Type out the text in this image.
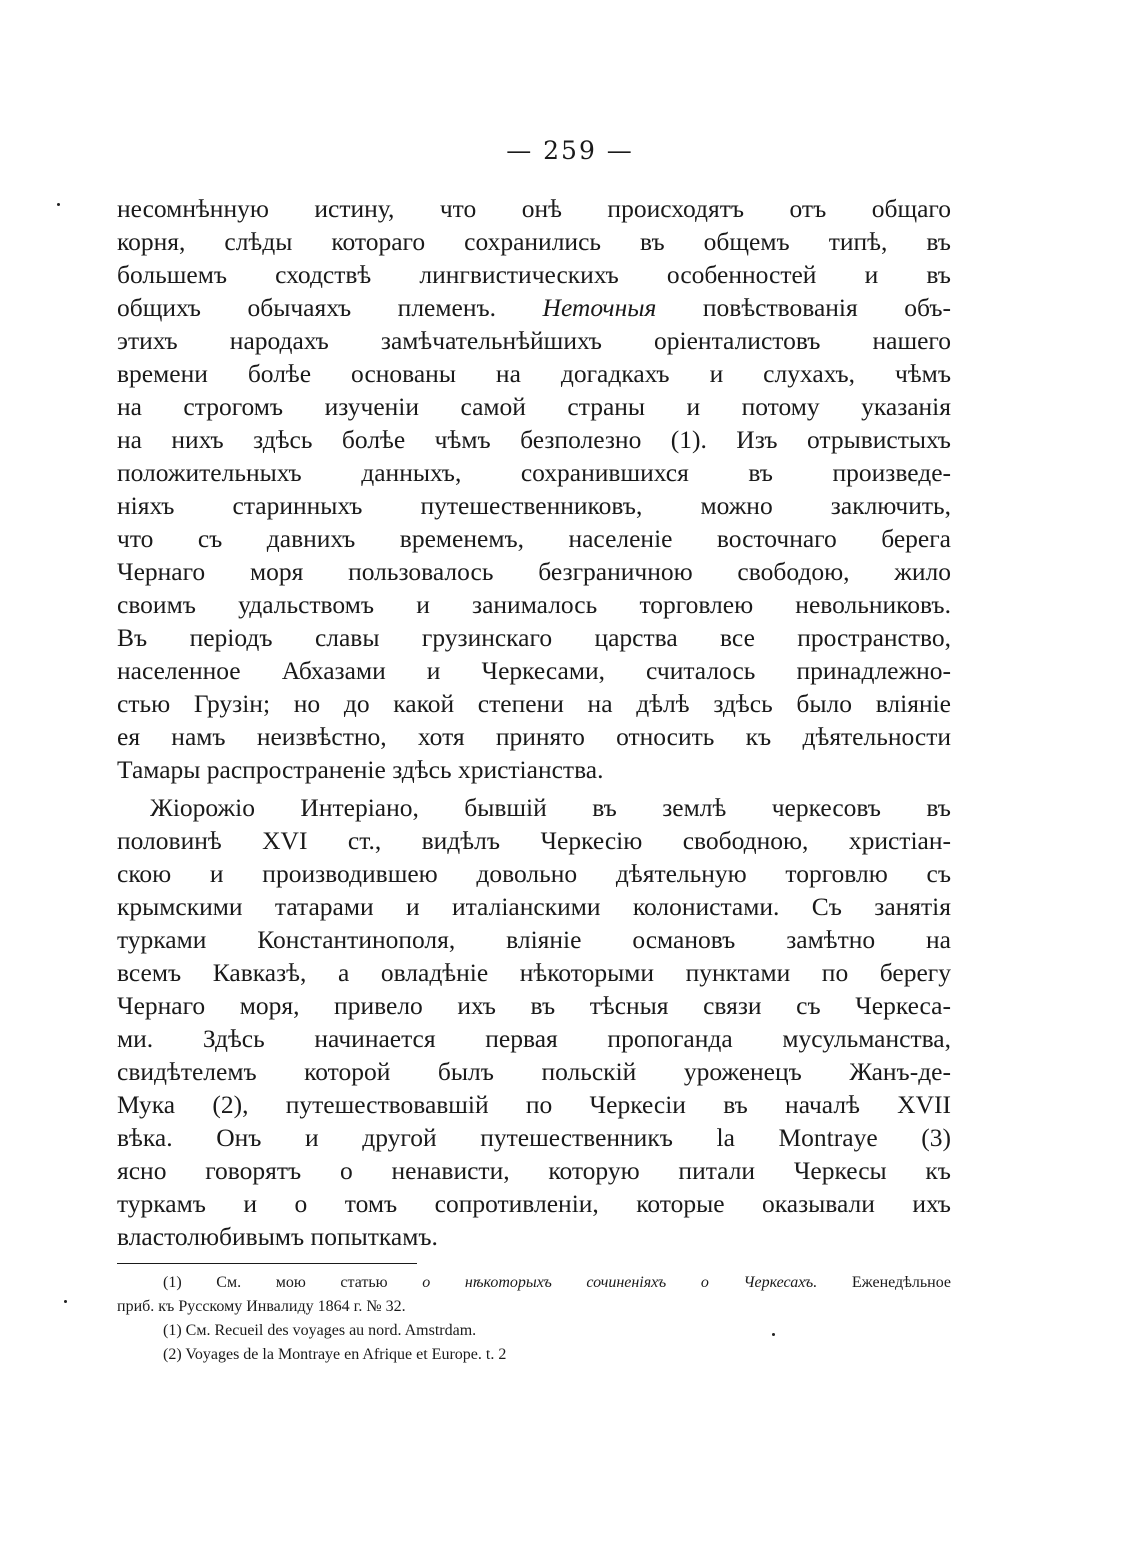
— 259 —
несомнѣнную истину, что онѣ происходятъ отъ общаго
корня, слѣды котораго сохранились въ общемъ типѣ, въ
большемъ сходствѣ лингвистическихъ особенностей и въ
общихъ обычаяхъ племенъ. Неточныя повѣствованія объ-
этихъ народахъ замѣчательнѣйшихъ оріенталистовъ нашего
времени болѣе основаны на догадкахъ и слухахъ, чѣмъ
на строгомъ изученіи самой страны и потому указанія
на нихъ здѣсь болѣе чѣмъ безполезно (1). Изъ отрывистыхъ
положительныхъ данныхъ, сохранившихся въ произведе-
ніяхъ старинныхъ путешественниковъ, можно заключить,
что съ давнихъ временемъ, населеніе восточнаго берега
Чернаго моря пользовалось безграничною свободою, жило
своимъ удальствомъ и занималось торговлею невольниковъ.
Въ періодъ славы грузинскаго царства все пространство,
населенное Абхазами и Черкесами, считалось принадлежно-
стью Грузін; но до какой степени на дѣлѣ здѣсь было вліяніе
ея намъ неизвѣстно, хотя принято относить къ дѣятельности
Тамары распространеніе здѣсь христіанства.
Жіорожіо Интеріано, бывшій въ землѣ черкесовъ въ
половинѣ XVI ст., видѣлъ Черкесію свободною, христіан-
скою и производившею довольно дѣятельную торговлю съ
крымскими татарами и италіанскими колонистами. Съ занятія
турками Константинополя, вліяніе османовъ замѣтно на
всемъ Кавказѣ, а овладѣніе нѣкоторыми пунктами по берегу
Чернаго моря, привело ихъ въ тѣсныя связи съ Черкеса-
ми. Здѣсь начинается первая пропоганда мусульманства,
свидѣтелемъ которой былъ польскій уроженецъ Жанъ-де-
Мука (2), путешествовавшій по Черкесіи въ началѣ XVII
вѣка. Онъ и другой путешественникъ la Montraye (3)
ясно говорятъ о ненависти, которую питали Черкесы къ
туркамъ и о томъ сопротивленіи, которые оказывали ихъ
властолюбивымъ попыткамъ.
(1) См. мою статью о нѣкоторыхъ сочиненіяхъ о Черкесахъ. Еженедѣльное
приб. къ Русскому Инвалиду 1864 г. № 32.
(1) См. Recueil des voyages au nord. Amstrdam.
(2) Voyages de la Montraye en Afrique et Europe. t. 2
